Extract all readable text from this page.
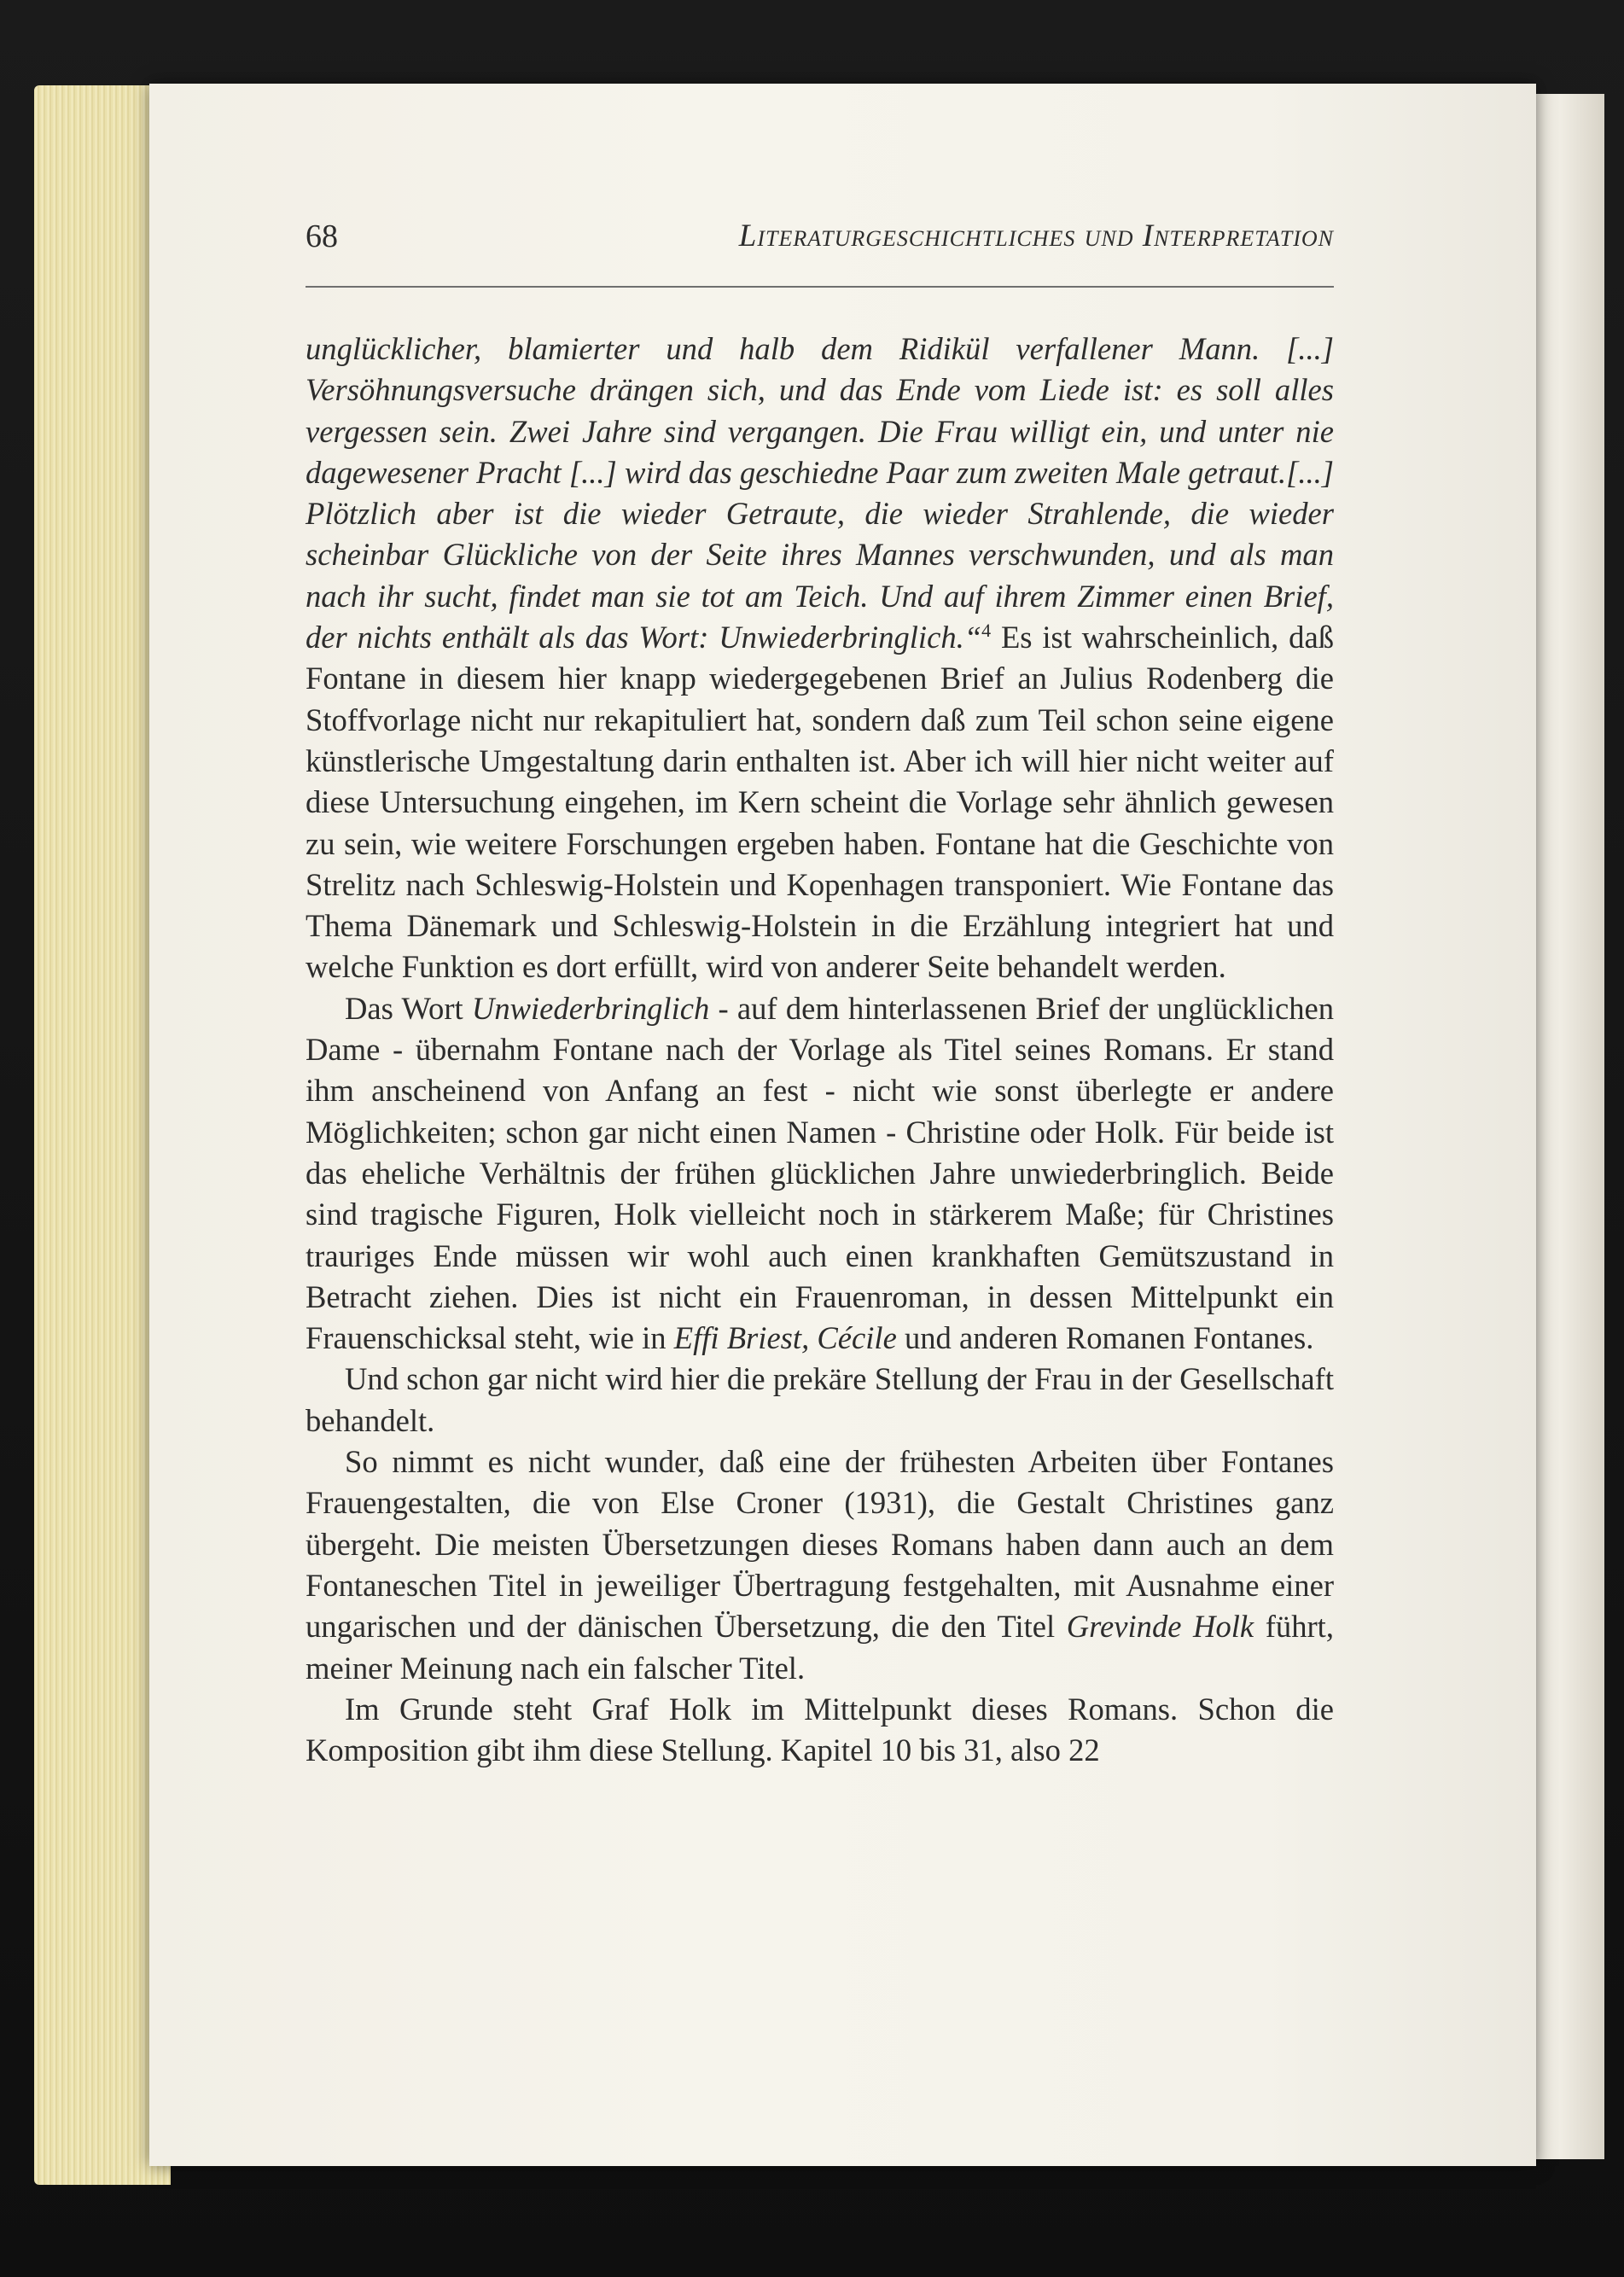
68	Literaturgeschichtliches und Interpretation

unglücklicher, blamierter und halb dem Ridikül verfallener Mann. [...] Versöhnungsversuche drängen sich, und das Ende vom Liede ist: es soll alles vergessen sein. Zwei Jahre sind vergangen. Die Frau willigt ein, und unter nie dagewesener Pracht [...] wird das geschiedne Paar zum zweiten Male getraut.[...] Plötzlich aber ist die wieder Getraute, die wieder Strahlende, die wieder scheinbar Glückliche von der Seite ihres Mannes verschwunden, und als man nach ihr sucht, findet man sie tot am Teich. Und auf ihrem Zimmer einen Brief, der nichts enthält als das Wort: Unwiederbringlich.“$^4$ Es ist wahrscheinlich, daß Fontane in diesem hier knapp wiedergegebenen Brief an Julius Rodenberg die Stoffvorlage nicht nur rekapituliert hat, sondern daß zum Teil schon seine eigene künstlerische Umgestaltung darin enthalten ist. Aber ich will hier nicht weiter auf diese Untersuchung eingehen, im Kern scheint die Vorlage sehr ähnlich gewesen zu sein, wie weitere Forschungen ergeben haben. Fontane hat die Geschichte von Strelitz nach Schleswig-Holstein und Kopenhagen transponiert. Wie Fontane das Thema Dänemark und Schleswig-Holstein in die Erzählung integriert hat und welche Funktion es dort erfüllt, wird von anderer Seite behandelt werden.

Das Wort Unwiederbringlich - auf dem hinterlassenen Brief der unglücklichen Dame - übernahm Fontane nach der Vorlage als Titel seines Romans. Er stand ihm anscheinend von Anfang an fest - nicht wie sonst überlegte er andere Möglichkeiten; schon gar nicht einen Namen - Christine oder Holk. Für beide ist das eheliche Verhältnis der frühen glücklichen Jahre unwiederbringlich. Beide sind tragische Figuren, Holk vielleicht noch in stärkerem Maße; für Christines trauriges Ende müssen wir wohl auch einen krankhaften Gemütszustand in Betracht ziehen. Dies ist nicht ein Frauenroman, in dessen Mittelpunkt ein Frauenschicksal steht, wie in Effi Briest, Cécile und anderen Romanen Fontanes.

Und schon gar nicht wird hier die prekäre Stellung der Frau in der Gesellschaft behandelt.

So nimmt es nicht wunder, daß eine der frühesten Arbeiten über Fontanes Frauengestalten, die von Else Croner (1931), die Gestalt Christines ganz übergeht. Die meisten Übersetzungen dieses Romans haben dann auch an dem Fontaneschen Titel in jeweiliger Übertragung festgehalten, mit Ausnahme einer ungarischen und der dänischen Übersetzung, die den Titel Grevinde Holk führt, meiner Meinung nach ein falscher Titel.

Im Grunde steht Graf Holk im Mittelpunkt dieses Romans. Schon die Komposition gibt ihm diese Stellung. Kapitel 10 bis 31, also 22
